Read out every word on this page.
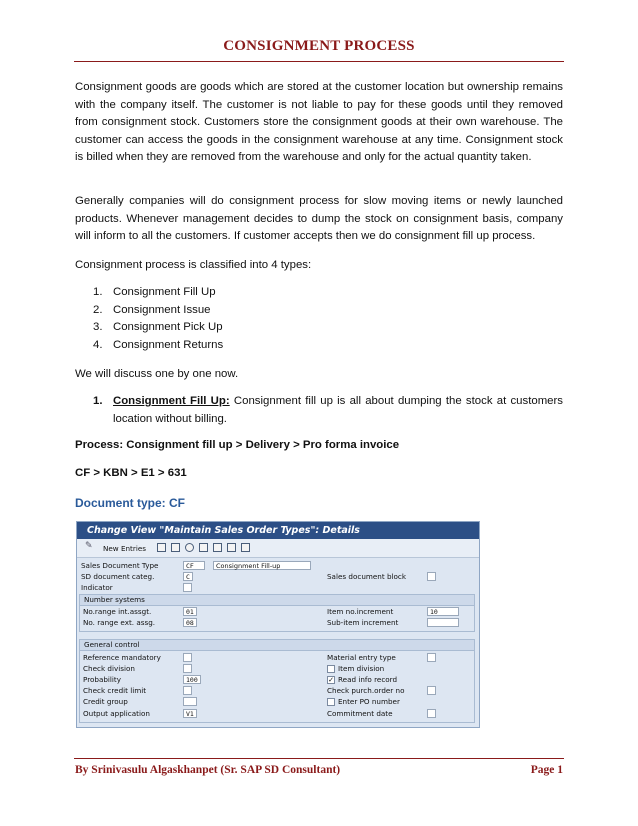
CONSIGNMENT PROCESS
Consignment goods are goods which are stored at the customer location but ownership remains with the company itself. The customer is not liable to pay for these goods until they removed from consignment stock. Customers store the consignment goods at their own warehouse. The customer can access the goods in the consignment warehouse at any time. Consignment stock is billed when they are removed from the warehouse and only for the actual quantity taken.
Generally companies will do consignment process for slow moving items or newly launched products. Whenever management decides to dump the stock on consignment basis, company will inform to all the customers. If customer accepts then we do consignment fill up process.
Consignment process is classified into 4 types:
1. Consignment Fill Up
2. Consignment Issue
3. Consignment Pick Up
4. Consignment Returns
We will discuss one by one now.
1. Consignment Fill Up: Consignment fill up is all about dumping the stock at customers location without billing.
Process: Consignment fill up > Delivery > Pro forma invoice
CF > KBN > E1 > 631
Document type: CF
Change View "Maintain Sales Order Types": Details
✎ New Entries
Sales Document Type	CF	Consignment Fill-up
SD document categ.	C	Sales document block
Indicator
Number systems
No.range int.assgt.	01	Item no.increment	10
No. range ext. assg.	08	Sub-item increment
General control
Reference mandatory	Material entry type
Check division	Item division
Probability	100	✓ Read info record
Check credit limit	Check purch.order no
Credit group	Enter PO number
Output application	V1	Commitment date
By Srinivasulu Algaskhanpet (Sr. SAP SD Consultant)	Page 1
